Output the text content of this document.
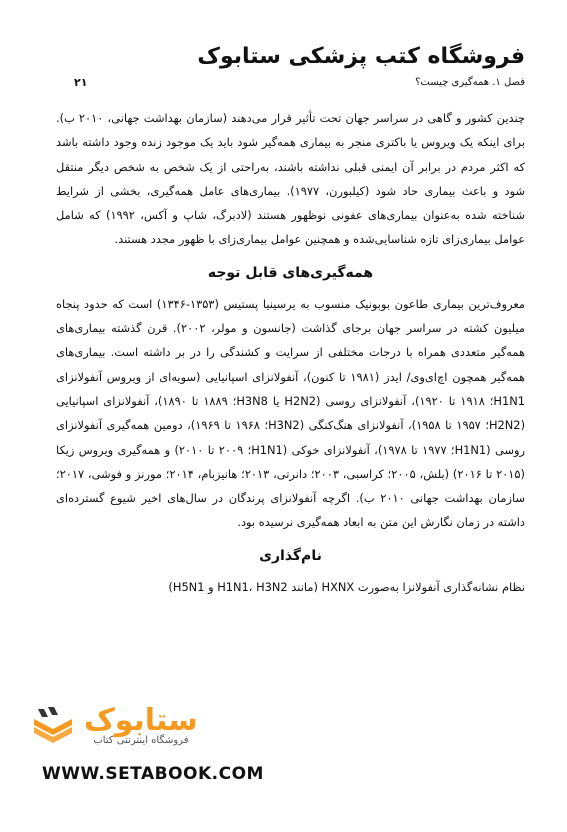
فروشگاه کتب پزشکی ستابوک
فصل ۱. همه‌گیری چیست؟
۲۱

چندین کشور و گاهی در سراسر جهان تحت تأثیر قرار می‌دهند (سازمان بهداشت جهانی، ۲۰۱۰ ب). برای اینکه یک ویروس یا باکتری منجر به بیماری همه‌گیر شود باید یک موجود زنده وجود داشته باشد که اکثر مردم در برابر آن ایمنی قبلی نداشته باشند، به‌راحتی از یک شخص به شخص دیگر منتقل شود و باعث بیماری حاد شود (کیلبورن، ۱۹۷۷). بیماری‌های عامل همه‌گیری، بخشی از شرایط شناخته شده به‌عنوان بیماری‌های عفونی نوظهور هستند (لادبرگ، شاپ و آکس، ۱۹۹۲) که شامل عوامل بیماری‌زای تازه شناسایی‌شده و همچنین عوامل بیماری‌زای با ظهور مجدد هستند.

همه‌گیری‌های قابل توجه

معروف‌ترین بیماری طاعون بوبونیک منسوب به یرسینیا پستیس (۱۳۵۳-۱۳۴۶) است که حدود پنجاه میلیون کشته در سراسر جهان برجای گذاشت (جانسون و مولر، ۲۰۰۲). قرن گذشته بیماری‌های همه‌گیر متعددی همراه با درجات مختلفی از سرایت و کشندگی را در بر داشته است. بیماری‌های همه‌گیر همچون اچ‌ای‌وی/ ایدز (۱۹۸۱ تا کنون)، آنفولانزای اسپانیایی (سویه‌ای از ویروس آنفولانزای H1N1؛ ۱۹۱۸ تا ۱۹۲۰)، آنفولانزای روسی (H2N2 یا H3N8؛ ۱۸۸۹ تا ۱۸۹۰)، آنفولانزای اسپانیایی (H2N2؛ ۱۹۵۷ تا ۱۹۵۸)، آنفولانزای هنگ‌کنگی (H3N2؛ ۱۹۶۸ تا ۱۹۶۹)، دومین همه‌گیری آنفولانزای روسی (H1N1؛ ۱۹۷۷ تا ۱۹۷۸)، آنفولانزای خوکی (H1N1؛ ۲۰۰۹ تا ۲۰۱۰) و همه‌گیری ویروس زیکا (۲۰۱۵ تا ۲۰۱۶) (بلش، ۲۰۰۵؛ کراسبی، ۲۰۰۳؛ دانرتی، ۲۰۱۳؛ هانیزبام، ۲۰۱۴؛ مورنز و فوشی، ۲۰۱۷؛ سازمان بهداشت جهانی ۲۰۱۰ ب). اگرچه آنفولانزای پرندگان در سال‌های اخیر شیوع گسترده‌ای داشته در زمان نگارش این متن به ابعاد همه‌گیری نرسیده بود.

نام‌گذاری

نظام نشانه‌گذاری آنفولانزا به‌صورت HXNX (مانند H1N1، H3N2 و H5N1)

ستابوک
فروشگاه اینترنتی کتاب
WWW.SETABOOK.COM
